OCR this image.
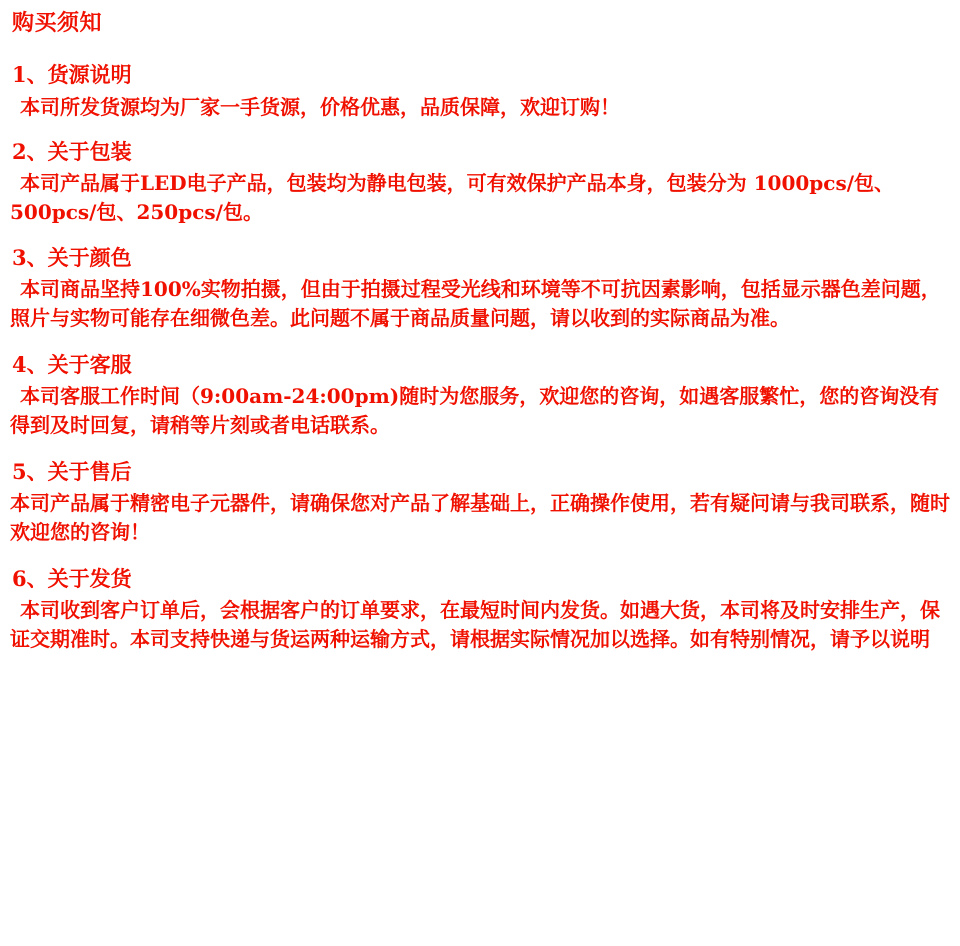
购买须知
1、货源说明
本司所发货源均为厂家一手货源，价格优惠，品质保障，欢迎订购！
2、关于包装
本司产品属于LED电子产品，包装均为静电包装，可有效保护产品本身，包装分为 1000pcs/包、500pcs/包、250pcs/包。
3、关于颜色
本司商品坚持100%实物拍摄，但由于拍摄过程受光线和环境等不可抗因素影响，包括显示器色差问题，照片与实物可能存在细微色差。此问题不属于商品质量问题，请以收到的实际商品为准。
4、关于客服
本司客服工作时间（9:00am-24:00pm)随时为您服务，欢迎您的咨询，如遇客服繁忙，您的咨询没有得到及时回复，请稍等片刻或者电话联系。
5、关于售后
本司产品属于精密电子元器件，请确保您对产品了解基础上，正确操作使用，若有疑问请与我司联系，随时欢迎您的咨询！
6、关于发货
本司收到客户订单后，会根据客户的订单要求，在最短时间内发货。如遇大货，本司将及时安排生产，保证交期准时。本司支持快递与货运两种运输方式，请根据实际情况加以选择。如有特别情况，请予以说明
